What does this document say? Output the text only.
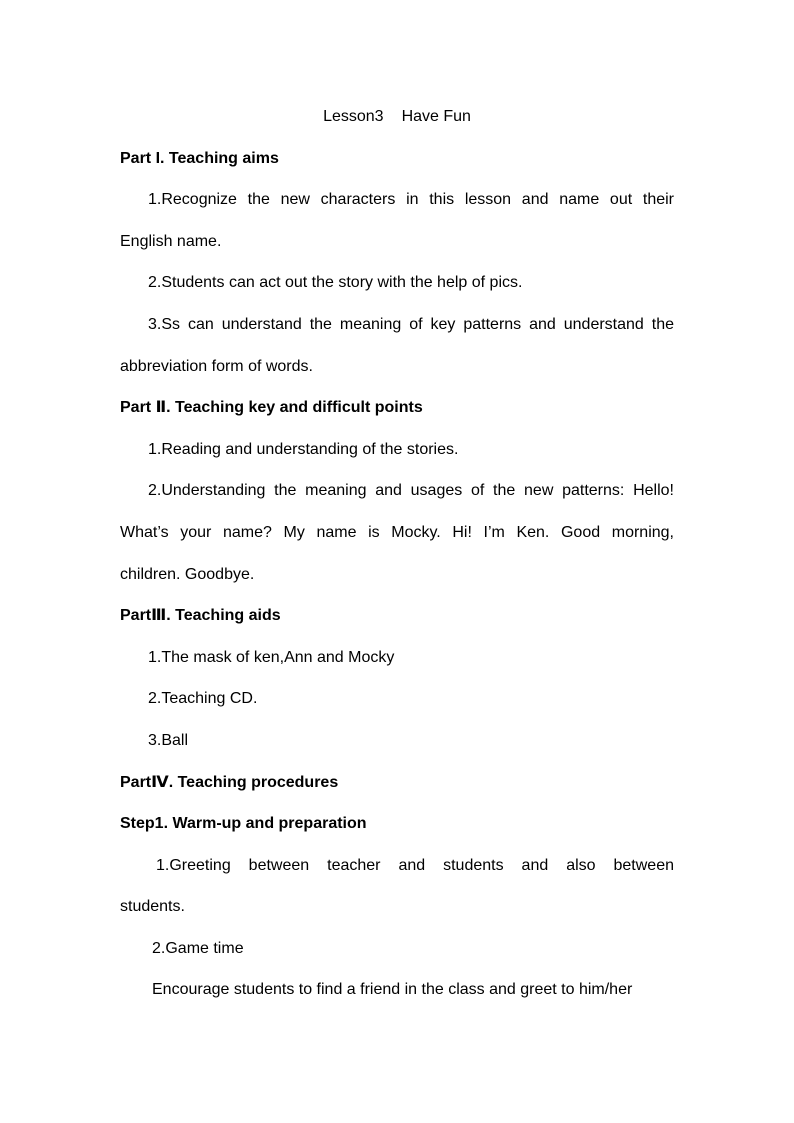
Lesson3 Have Fun
Part I. Teaching aims
1.Recognize the new characters in this lesson and name out their
English name.
2.Students can act out the story with the help of pics.
3.Ss can understand the meaning of key patterns and understand the
abbreviation form of words.
Part Ⅱ. Teaching key and difficult points
1.Reading and understanding of the stories.
2.Understanding the meaning and usages of the new patterns: Hello!
What’s your name? My name is Mocky. Hi! I’m Ken. Good morning,
children. Goodbye.
PartⅢ. Teaching aids
1.The mask of ken,Ann and Mocky
2.Teaching CD.
3.Ball
PartⅣ. Teaching procedures
Step1. Warm-up and preparation
1.Greeting between teacher and students and also between
students.
2.Game time
Encourage students to find a friend in the class and greet to him/her
